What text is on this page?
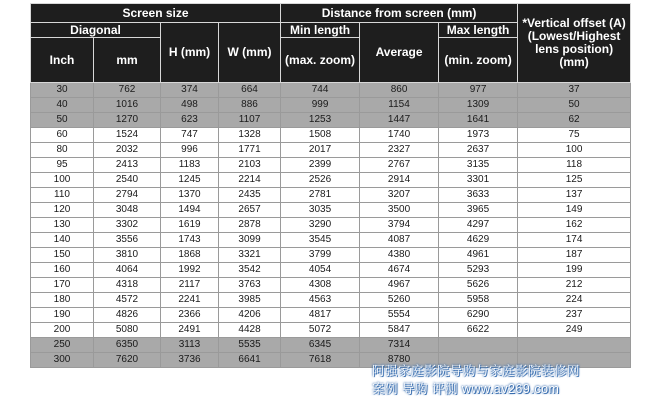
Screen size				Distance from screen (mm)			*Vertical offset (A) (Lowest/Highest lens position) (mm)
Diagonal		H (mm)	W (mm)	Min length	Average	Max length	
Inch	mm			(max. zoom)		(min. zoom)	
30	762	374	664	744	860	977	37
40	1016	498	886	999	1154	1309	50
50	1270	623	1107	1253	1447	1641	62
60	1524	747	1328	1508	1740	1973	75
80	2032	996	1771	2017	2327	2637	100
95	2413	1183	2103	2399	2767	3135	118
100	2540	1245	2214	2526	2914	3301	125
110	2794	1370	2435	2781	3207	3633	137
120	3048	1494	2657	3035	3500	3965	149
130	3302	1619	2878	3290	3794	4297	162
140	3556	1743	3099	3545	4087	4629	174
150	3810	1868	3321	3799	4380	4961	187
160	4064	1992	3542	4054	4674	5293	199
170	4318	2117	3763	4308	4967	5626	212
180	4572	2241	3985	4563	5260	5958	224
190	4826	2366	4206	4817	5554	6290	237
200	5080	2491	4428	5072	5847	6622	249
250	6350	3113	5535	6345	7314		
300	7620	3736	6641	7618	8780		
阿强家庭影院导购与家庭影院装修网
案例 导购 评测 www.av269.com
